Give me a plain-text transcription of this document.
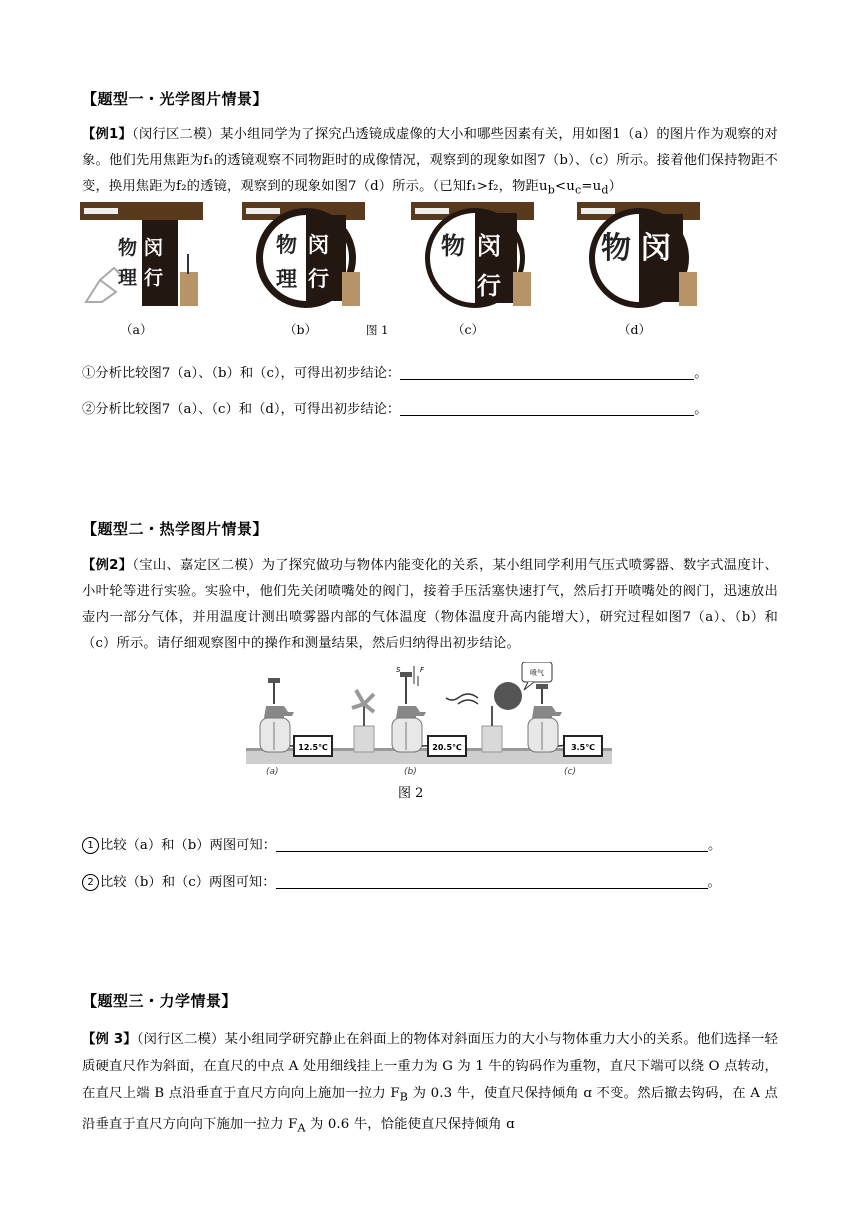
【题型一・光学图片情景】
【例1】（闵行区二模）某小组同学为了探究凸透镜成虚像的大小和哪些因素有关，用如图1（a）的图片作为观察的对象。他们先用焦距为f₁的透镜观察不同物距时的成像情况，观察到的现象如图7（b）、（c）所示。接着他们保持物距不变，换用焦距为f₂的透镜，观察到的现象如图7（d）所示。（已知f₁>f₂，物距$u_b<u_c=u_d$）
物 闵
理 行
物 闵
理 行
物 闵
行
物 闵
（a）	（b）	图 1	（c）	（d）
①分析比较图7（a）、（b）和（c），可得出初步结论：	。
②分析比较图7（a）、（c）和（d），可得出初步结论：	。
【题型二・热学图片情景】
【例2】（宝山、嘉定区二模）为了探究做功与物体内能变化的关系，某小组同学利用气压式喷雾器、数字式温度计、小叶轮等进行实验。实验中，他们先关闭喷嘴处的阀门，接着手压活塞快速打气，然后打开喷嘴处的阀门，迅速放出壶内一部分气体，并用温度计测出喷雾器内部的气体温度（物体温度升高内能增大），研究过程如图7（a）、（b）和（c）所示。请仔细观察图中的操作和测量结果，然后归纳得出初步结论。
12.5℃
(a)
S	F
20.5℃
(b)
喷气
3.5℃
(c)
图 2
1 比较（a）和（b）两图可知：	。
2 比较（b）和（c）两图可知：	。
【题型三・力学情景】
【例 3】（闵行区二模）某小组同学研究静止在斜面上的物体对斜面压力的大小与物体重力大小的关系。他们选择一轻质硬直尺作为斜面，在直尺的中点 A 处用细线挂上一重力为 G 为 1 牛的钩码作为重物，直尺下端可以绕 O 点转动，在直尺上端 B 点沿垂直于直尺方向向上施加一拉力 $F_B$ 为 0.3 牛，使直尺保持倾角 ɑ 不变。然后撤去钩码，在 A 点沿垂直于直尺方向向下施加一拉力 $F_A$ 为 0.6 牛，恰能使直尺保持倾角 ɑ
